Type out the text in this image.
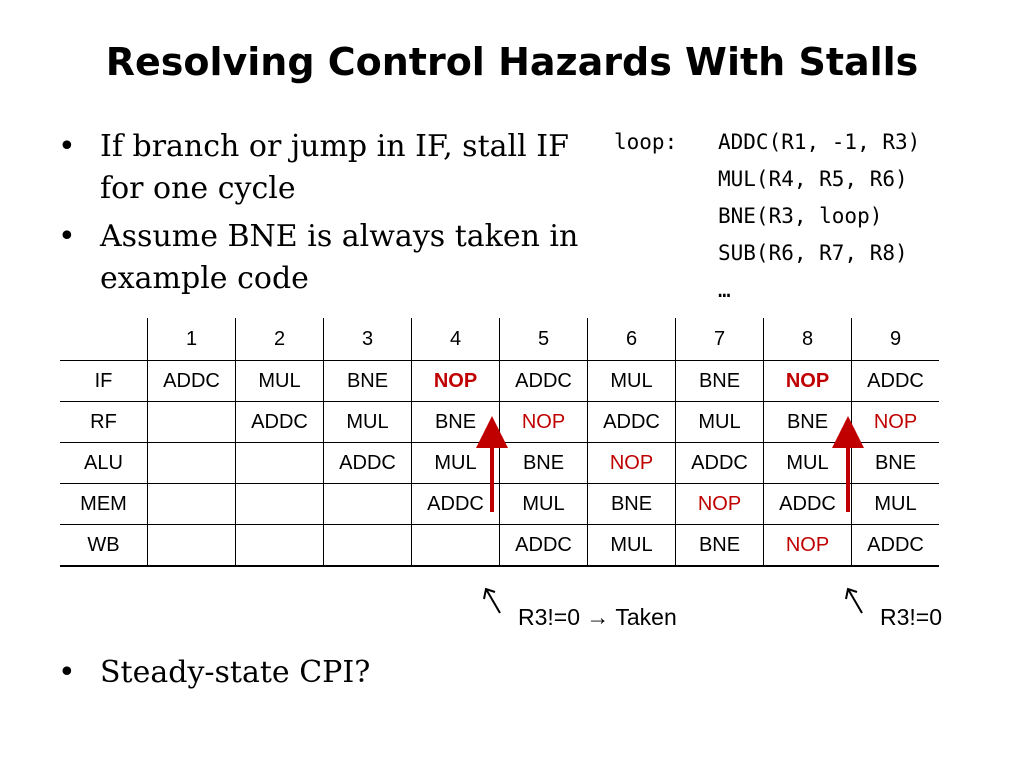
Resolving Control Hazards With Stalls
• If branch or jump in IF, stall IF for one cycle
• Assume BNE is always taken in example code
• Steady-state CPI?
loop: ADDC(R1, -1, R3)
MUL(R4, R5, R6)
BNE(R3, loop)
SUB(R6, R7, R8)
…
	1	2	3	4	5	6	7	8	9
IF	ADDC	MUL	BNE	NOP	ADDC	MUL	BNE	NOP	ADDC
RF		ADDC	MUL	BNE	NOP	ADDC	MUL	BNE	NOP
ALU			ADDC	MUL	BNE	NOP	ADDC	MUL	BNE
MEM				ADDC	MUL	BNE	NOP	ADDC	MUL
WB					ADDC	MUL	BNE	NOP	ADDC
R3!=0 → Taken	R3!=0
